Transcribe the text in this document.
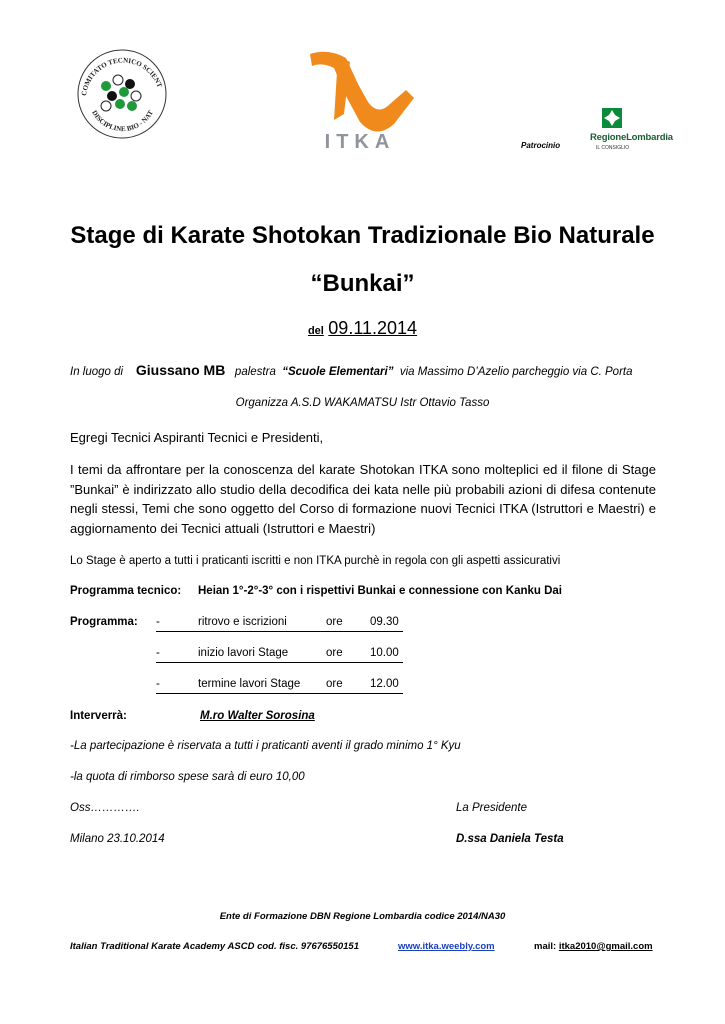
COMITATO TECNICO SCIENT
DISCIPLINE BIO - NAT
ITKA	Patrocinio
RegioneLombardia
IL CONSIGLIO
Stage di Karate Shotokan Tradizionale Bio Naturale
“Bunkai”
del 09.11.2014
In luogo di Giussano MB palestra “Scuole Elementari” via Massimo D’Azelio parcheggio via C. Porta
Organizza A.S.D WAKAMATSU Istr Ottavio Tasso
Egregi Tecnici Aspiranti Tecnici e Presidenti,
I temi da affrontare per la conoscenza del karate Shotokan ITKA sono molteplici ed il filone di Stage ”Bunkai” è indirizzato allo studio della decodifica dei kata nelle più probabili azioni di difesa contenute negli stessi, Temi che sono oggetto del Corso di formazione nuovi Tecnici ITKA (Istruttori e Maestri) e aggiornamento dei Tecnici attuali (Istruttori e Maestri)
Lo Stage è aperto a tutti i praticanti iscritti e non ITKA purchè in regola con gli aspetti assicurativi
Programma tecnico: Heian 1°-2°-3° con i rispettivi Bunkai e connessione con Kanku Dai
Programma: -	ritrovo e iscrizioni	ore 09.30
-	inizio lavori Stage	ore 10.00
-	termine lavori Stage ore 12.00
Interverrà:	M.ro Walter Sorosina
-La partecipazione è riservata a tutti i praticanti aventi il grado minimo 1° Kyu
-la quota di rimborso spese sarà di euro 10,00
Oss………….	La Presidente
Milano 23.10.2014	D.ssa Daniela Testa
Ente di Formazione DBN Regione Lombardia codice 2014/NA30
Italian Traditional Karate Academy ASCD cod. fisc. 97676550151	www.itka.weebly.com	mail: itka2010@gmail.com
